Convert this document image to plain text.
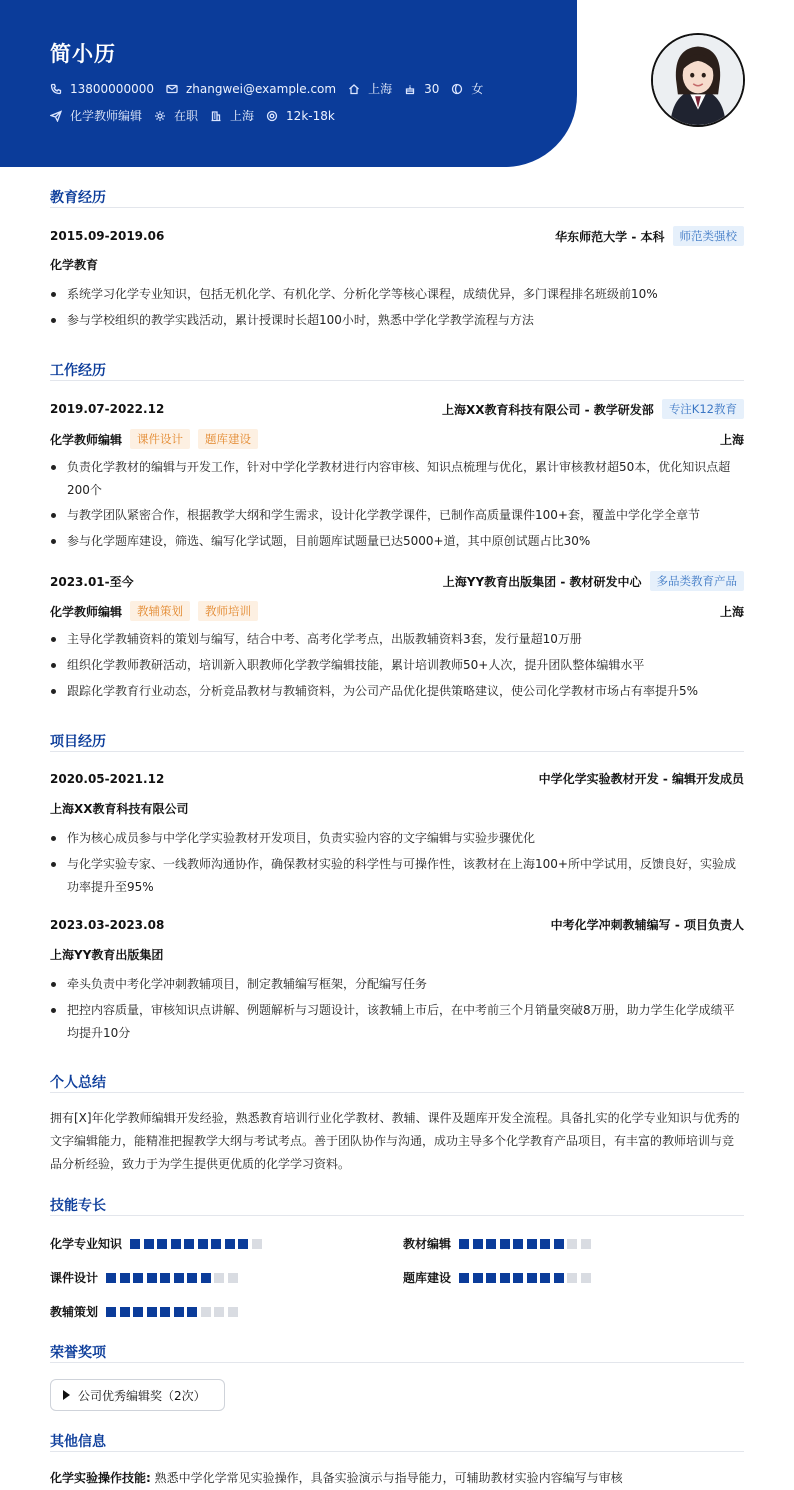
简小历
13800000000	zhangwei@example.com	上海	30	女
化学教师编辑	在职	上海	12k-18k
教育经历
2015.09-2019.06	华东师范大学 - 本科	师范类强校
化学教育
系统学习化学专业知识，包括无机化学、有机化学、分析化学等核心课程，成绩优异，多门课程排名班级前10%
参与学校组织的教学实践活动，累计授课时长超100小时，熟悉中学化学教学流程与方法
工作经历
2019.07-2022.12	上海XX教育科技有限公司 - 教学研发部	专注K12教育
化学教师编辑	课件设计	题库建设	上海
负责化学教材的编辑与开发工作，针对中学化学教材进行内容审核、知识点梳理与优化，累计审核教材超50本，优化知识点超200个
与教学团队紧密合作，根据教学大纲和学生需求，设计化学教学课件，已制作高质量课件100+套，覆盖中学化学全章节
参与化学题库建设，筛选、编写化学试题，目前题库试题量已达5000+道，其中原创试题占比30%
2023.01-至今	上海YY教育出版集团 - 教材研发中心	多品类教育产品
化学教师编辑	教辅策划	教师培训	上海
主导化学教辅资料的策划与编写，结合中考、高考化学考点，出版教辅资料3套，发行量超10万册
组织化学教师教研活动，培训新入职教师化学教学编辑技能，累计培训教师50+人次，提升团队整体编辑水平
跟踪化学教育行业动态，分析竞品教材与教辅资料，为公司产品优化提供策略建议，使公司化学教材市场占有率提升5%
项目经历
2020.05-2021.12	中学化学实验教材开发 - 编辑开发成员
上海XX教育科技有限公司
作为核心成员参与中学化学实验教材开发项目，负责实验内容的文字编辑与实验步骤优化
与化学实验专家、一线教师沟通协作，确保教材实验的科学性与可操作性，该教材在上海100+所中学试用，反馈良好，实验成功率提升至95%
2023.03-2023.08	中考化学冲刺教辅编写 - 项目负责人
上海YY教育出版集团
牵头负责中考化学冲刺教辅项目，制定教辅编写框架，分配编写任务
把控内容质量，审核知识点讲解、例题解析与习题设计，该教辅上市后，在中考前三个月销量突破8万册，助力学生化学成绩平均提升10分
个人总结
拥有[X]年化学教师编辑开发经验，熟悉教育培训行业化学教材、教辅、课件及题库开发全流程。具备扎实的化学专业知识与优秀的文字编辑能力，能精准把握教学大纲与考试考点。善于团队协作与沟通，成功主导多个化学教育产品项目，有丰富的教师培训与竞品分析经验，致力于为学生提供更优质的化学学习资料。
技能专长
化学专业知识	教材编辑
课件设计	题库建设
教辅策划
荣誉奖项
公司优秀编辑奖（2次）
其他信息
化学实验操作技能: 熟悉中学化学常见实验操作，具备实验演示与指导能力，可辅助教材实验内容编写与审核
